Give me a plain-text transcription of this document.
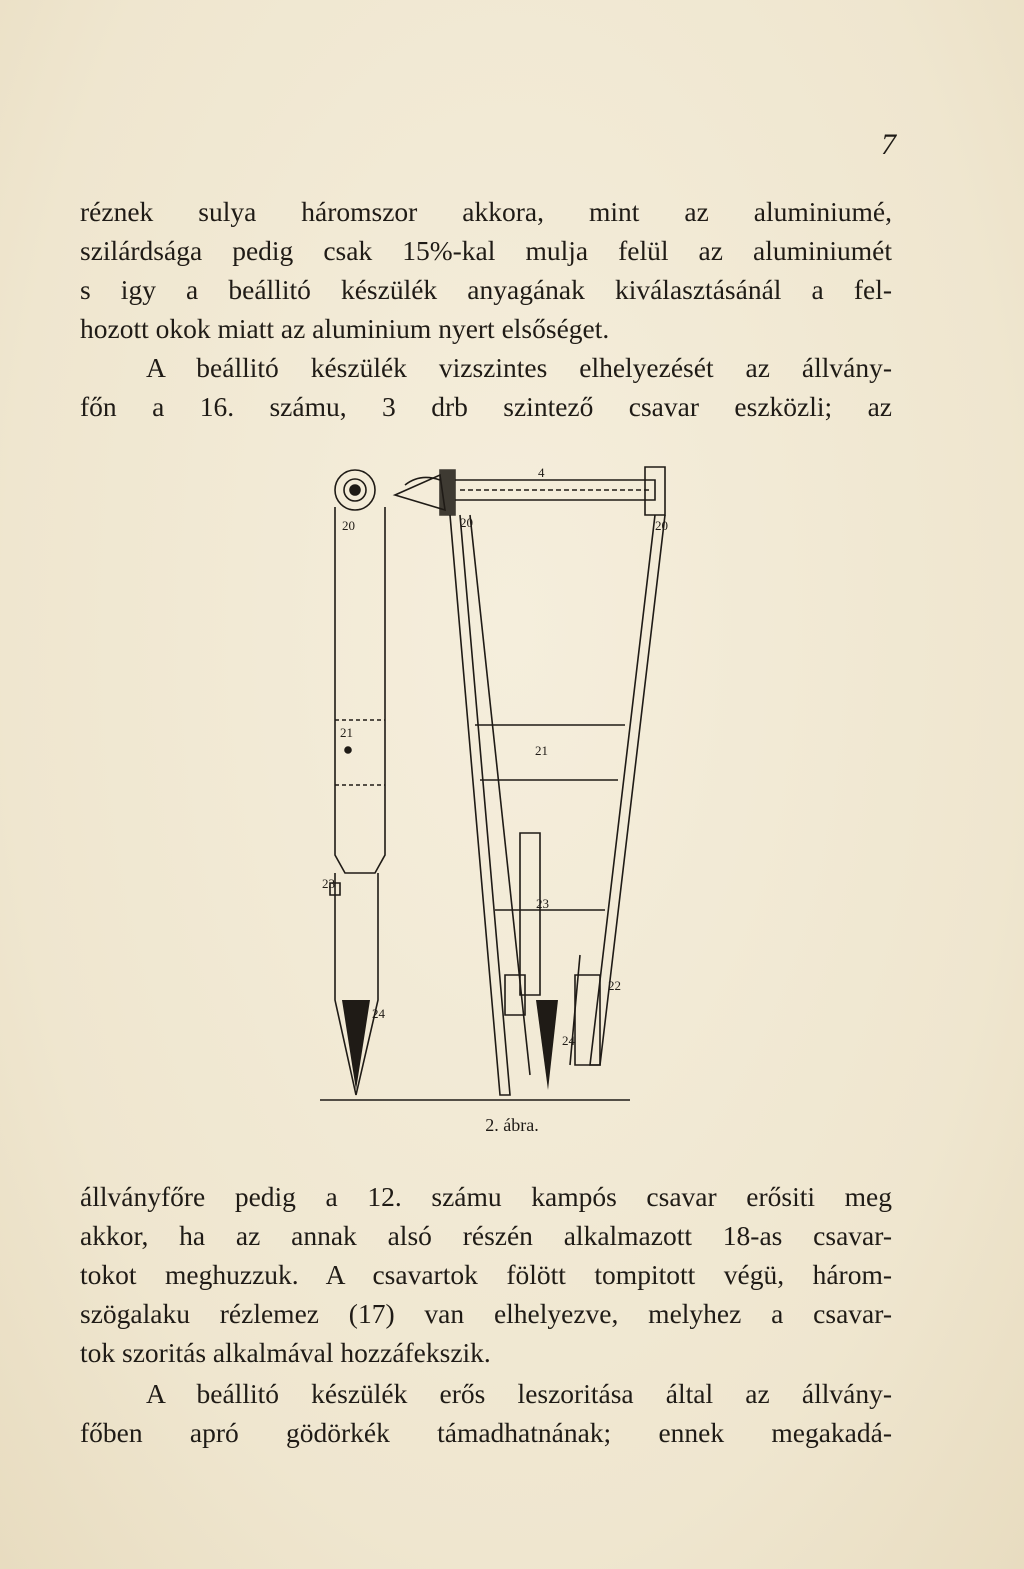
7
réznek sulya háromszor akkora, mint az aluminiumé,
szilárdsága pedig csak 15%-kal mulja felül az aluminiumét
s igy a beállitó készülék anyagának kiválasztásánál a fel-
hozott okok miatt az aluminium nyert elsőséget.
A beállitó készülék vizszintes elhelyezését az állvány-
főn a 16. számu, 3 drb szintező csavar eszközli; az
20	20	20
4
21
21
23
23
22
24
24
2. ábra.
állványfőre pedig a 12. számu kampós csavar erősiti meg
akkor, ha az annak alsó részén alkalmazott 18-as csavar-
tokot meghuzzuk. A csavartok fölött tompitott végü, három-
szögalaku rézlemez (17) van elhelyezve, melyhez a csavar-
tok szoritás alkalmával hozzáfekszik.
A beállitó készülék erős leszoritása által az állvány-
főben apró gödörkék támadhatnának; ennek megakadá-
